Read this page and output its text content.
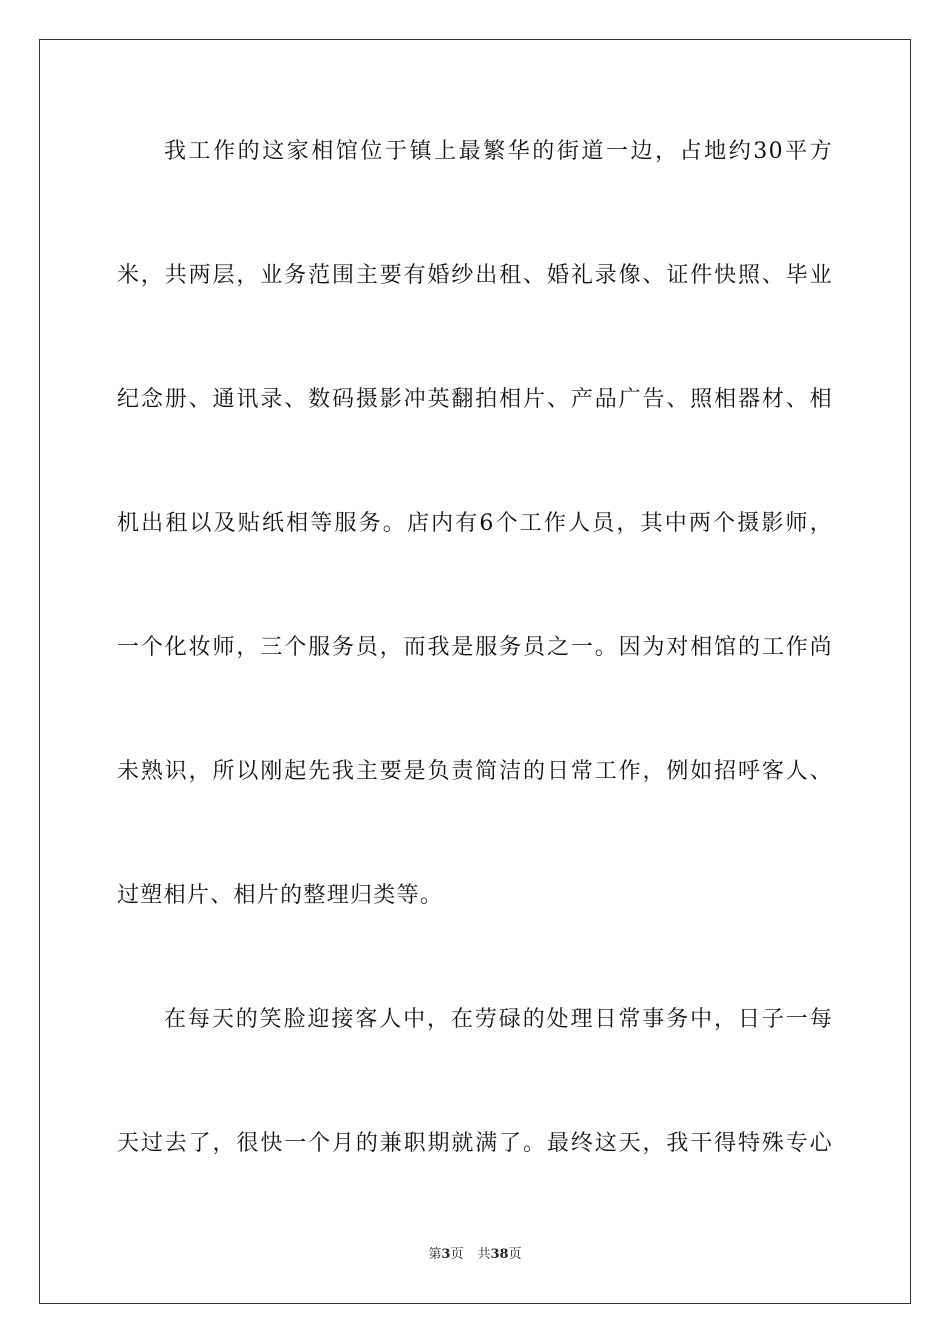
我工作的这家相馆位于镇上最繁华的街道一边，占地约30平方
米，共两层，业务范围主要有婚纱出租、婚礼录像、证件快照、毕业
纪念册、通讯录、数码摄影冲英翻拍相片、产品广告、照相器材、相
机出租以及贴纸相等服务。店内有6个工作人员，其中两个摄影师，
一个化妆师，三个服务员，而我是服务员之一。因为对相馆的工作尚
未熟识，所以刚起先我主要是负责简洁的日常工作，例如招呼客人、
过塑相片、相片的整理归类等。
在每天的笑脸迎接客人中，在劳碌的处理日常事务中，日子一每
天过去了，很快一个月的兼职期就满了。最终这天，我干得特殊专心
第3页 共38页
